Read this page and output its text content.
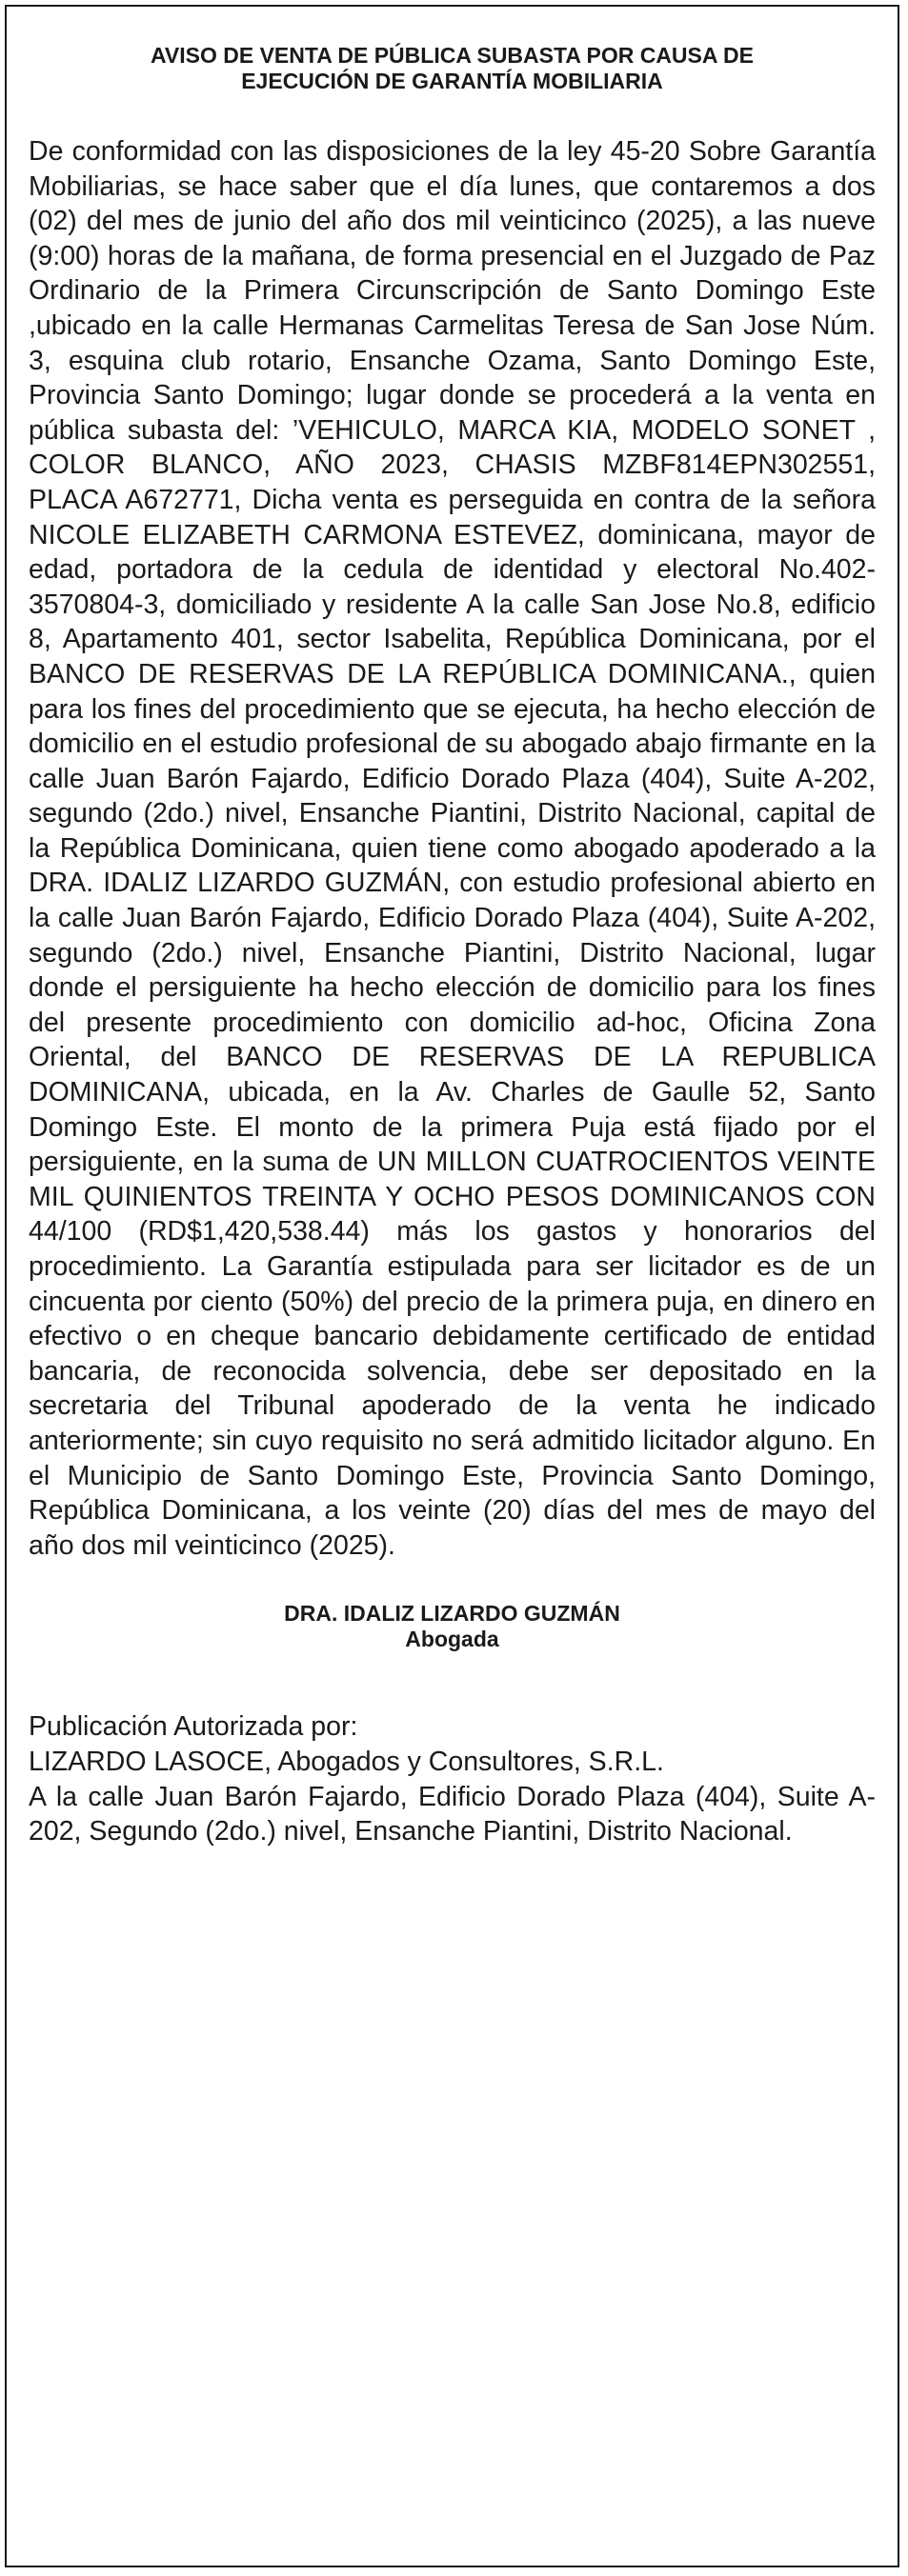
AVISO DE VENTA DE PÚBLICA SUBASTA POR CAUSA DE
EJECUCIÓN DE GARANTÍA MOBILIARIA

De conformidad con las disposiciones de la ley 45-20 Sobre Garantía Mobiliarias, se hace saber que el día lunes, que contaremos a dos (02) del mes de junio del año dos mil veinticinco (2025), a las nueve (9:00) horas de la mañana, de forma presencial en el Juzgado de Paz Ordinario de la Primera Circunscripción de Santo Domingo Este ,ubicado en la calle Hermanas Carmelitas Teresa de San Jose Núm. 3, esquina club rotario, Ensanche Ozama, Santo Domingo Este, Provincia Santo Domingo; lugar donde se procederá a la venta en pública subasta del: ’VEHICULO, MARCA KIA, MODELO SONET , COLOR BLANCO, AÑO 2023, CHASIS MZBF814EPN302551, PLACA A672771, Dicha venta es perseguida en contra de la señora NICOLE ELIZABETH CARMONA ESTEVEZ, dominicana, mayor de edad, portadora de la cedula de identidad y electoral No.402-3570804-3, domiciliado y residente A la calle San Jose No.8, edificio 8, Apartamento 401, sector Isabelita, República Dominicana, por el BANCO DE RESERVAS DE LA REPÚBLICA DOMINICANA., quien para los fines del procedimiento que se ejecuta, ha hecho elección de domicilio en el estudio profesional de su abogado abajo firmante en la calle Juan Barón Fajardo, Edificio Dorado Plaza (404), Suite A-202, segundo (2do.) nivel, Ensanche Piantini, Distrito Nacional, capital de la República Dominicana, quien tiene como abogado apoderado a la DRA. IDALIZ LIZARDO GUZMÁN, con estudio profesional abierto en la calle Juan Barón Fajardo, Edificio Dorado Plaza (404), Suite A-202, segundo (2do.) nivel, Ensanche Piantini, Distrito Nacional, lugar donde el persiguiente ha hecho elección de domicilio para los fines del presente procedimiento con domicilio ad-hoc, Oficina Zona Oriental, del BANCO DE RESERVAS DE LA REPUBLICA DOMINICANA, ubicada, en la Av. Charles de Gaulle 52, Santo Domingo Este. El monto de la primera Puja está fijado por el persiguiente, en la suma de UN MILLON CUATROCIENTOS VEINTE MIL QUINIENTOS TREINTA Y OCHO PESOS DOMINICANOS CON 44/100 (RD$1,420,538.44) más los gastos y honorarios del procedimiento. La Garantía estipulada para ser licitador es de un cincuenta por ciento (50%) del precio de la primera puja, en dinero en efectivo o en cheque bancario debidamente certificado de entidad bancaria, de reconocida solvencia, debe ser depositado en la secretaria del Tribunal apoderado de la venta he indicado anteriormente; sin cuyo requisito no será admitido licitador alguno. En el Municipio de Santo Domingo Este, Provincia Santo Domingo, República Dominicana, a los veinte (20) días del mes de mayo del año dos mil veinticinco (2025).

DRA. IDALIZ LIZARDO GUZMÁN
Abogada
Publicación Autorizada por:
LIZARDO LASOCE, Abogados y Consultores, S.R.L.
A la calle Juan Barón Fajardo, Edificio Dorado Plaza (404), Suite A-202, Segundo (2do.) nivel, Ensanche Piantini, Distrito Nacional.
